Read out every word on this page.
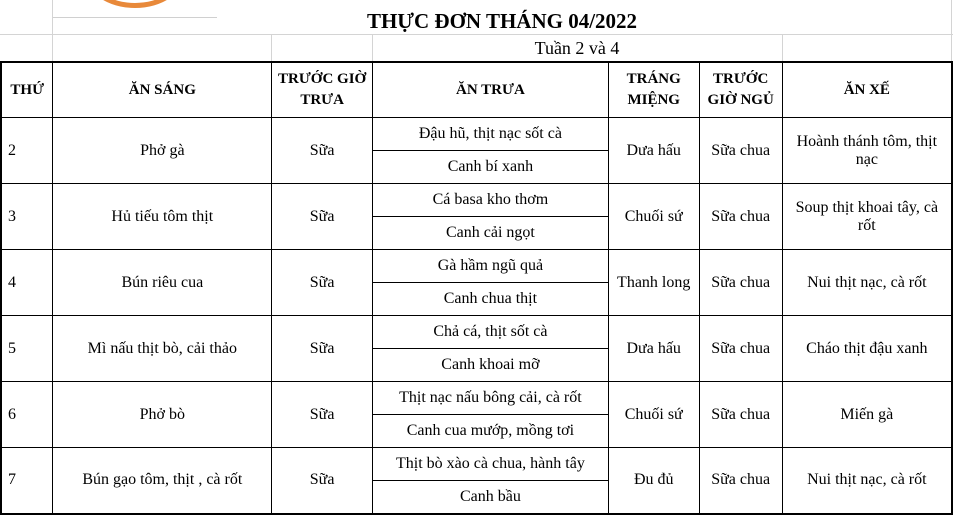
THỰC ĐƠN THÁNG 04/2022
Tuần 2 và 4
THỨ	ĂN SÁNG	TRƯỚC GIỜ TRƯA	ĂN TRƯA	TRÁNG MIỆNG	TRƯỚC GIỜ NGỦ	ĂN XẾ
2	Phở gà	Sữa	Đậu hũ, thịt nạc sốt cà	Dưa hấu	Sữa chua	Hoành thánh tôm, thịt nạc
			Canh bí xanh			
3	Hủ tiếu tôm thịt	Sữa	Cá basa kho thơm	Chuối sứ	Sữa chua	Soup thịt khoai tây, cà rốt
			Canh cải ngọt			
4	Bún riêu cua	Sữa	Gà hầm ngũ quả	Thanh long	Sữa chua	Nui thịt nạc, cà rốt
			Canh chua thịt			
5	Mì nấu thịt bò, cải thảo	Sữa	Chả cá, thịt sốt cà	Dưa hấu	Sữa chua	Cháo thịt đậu xanh
			Canh khoai mỡ			
6	Phở bò	Sữa	Thịt nạc nấu bông cải, cà rốt	Chuối sứ	Sữa chua	Miến gà
			Canh cua mướp, mồng tơi			
7	Bún gạo tôm, thịt , cà rốt	Sữa	Thịt bò xào cà chua, hành tây	Đu đủ	Sữa chua	Nui thịt nạc, cà rốt
			Canh bầu			
